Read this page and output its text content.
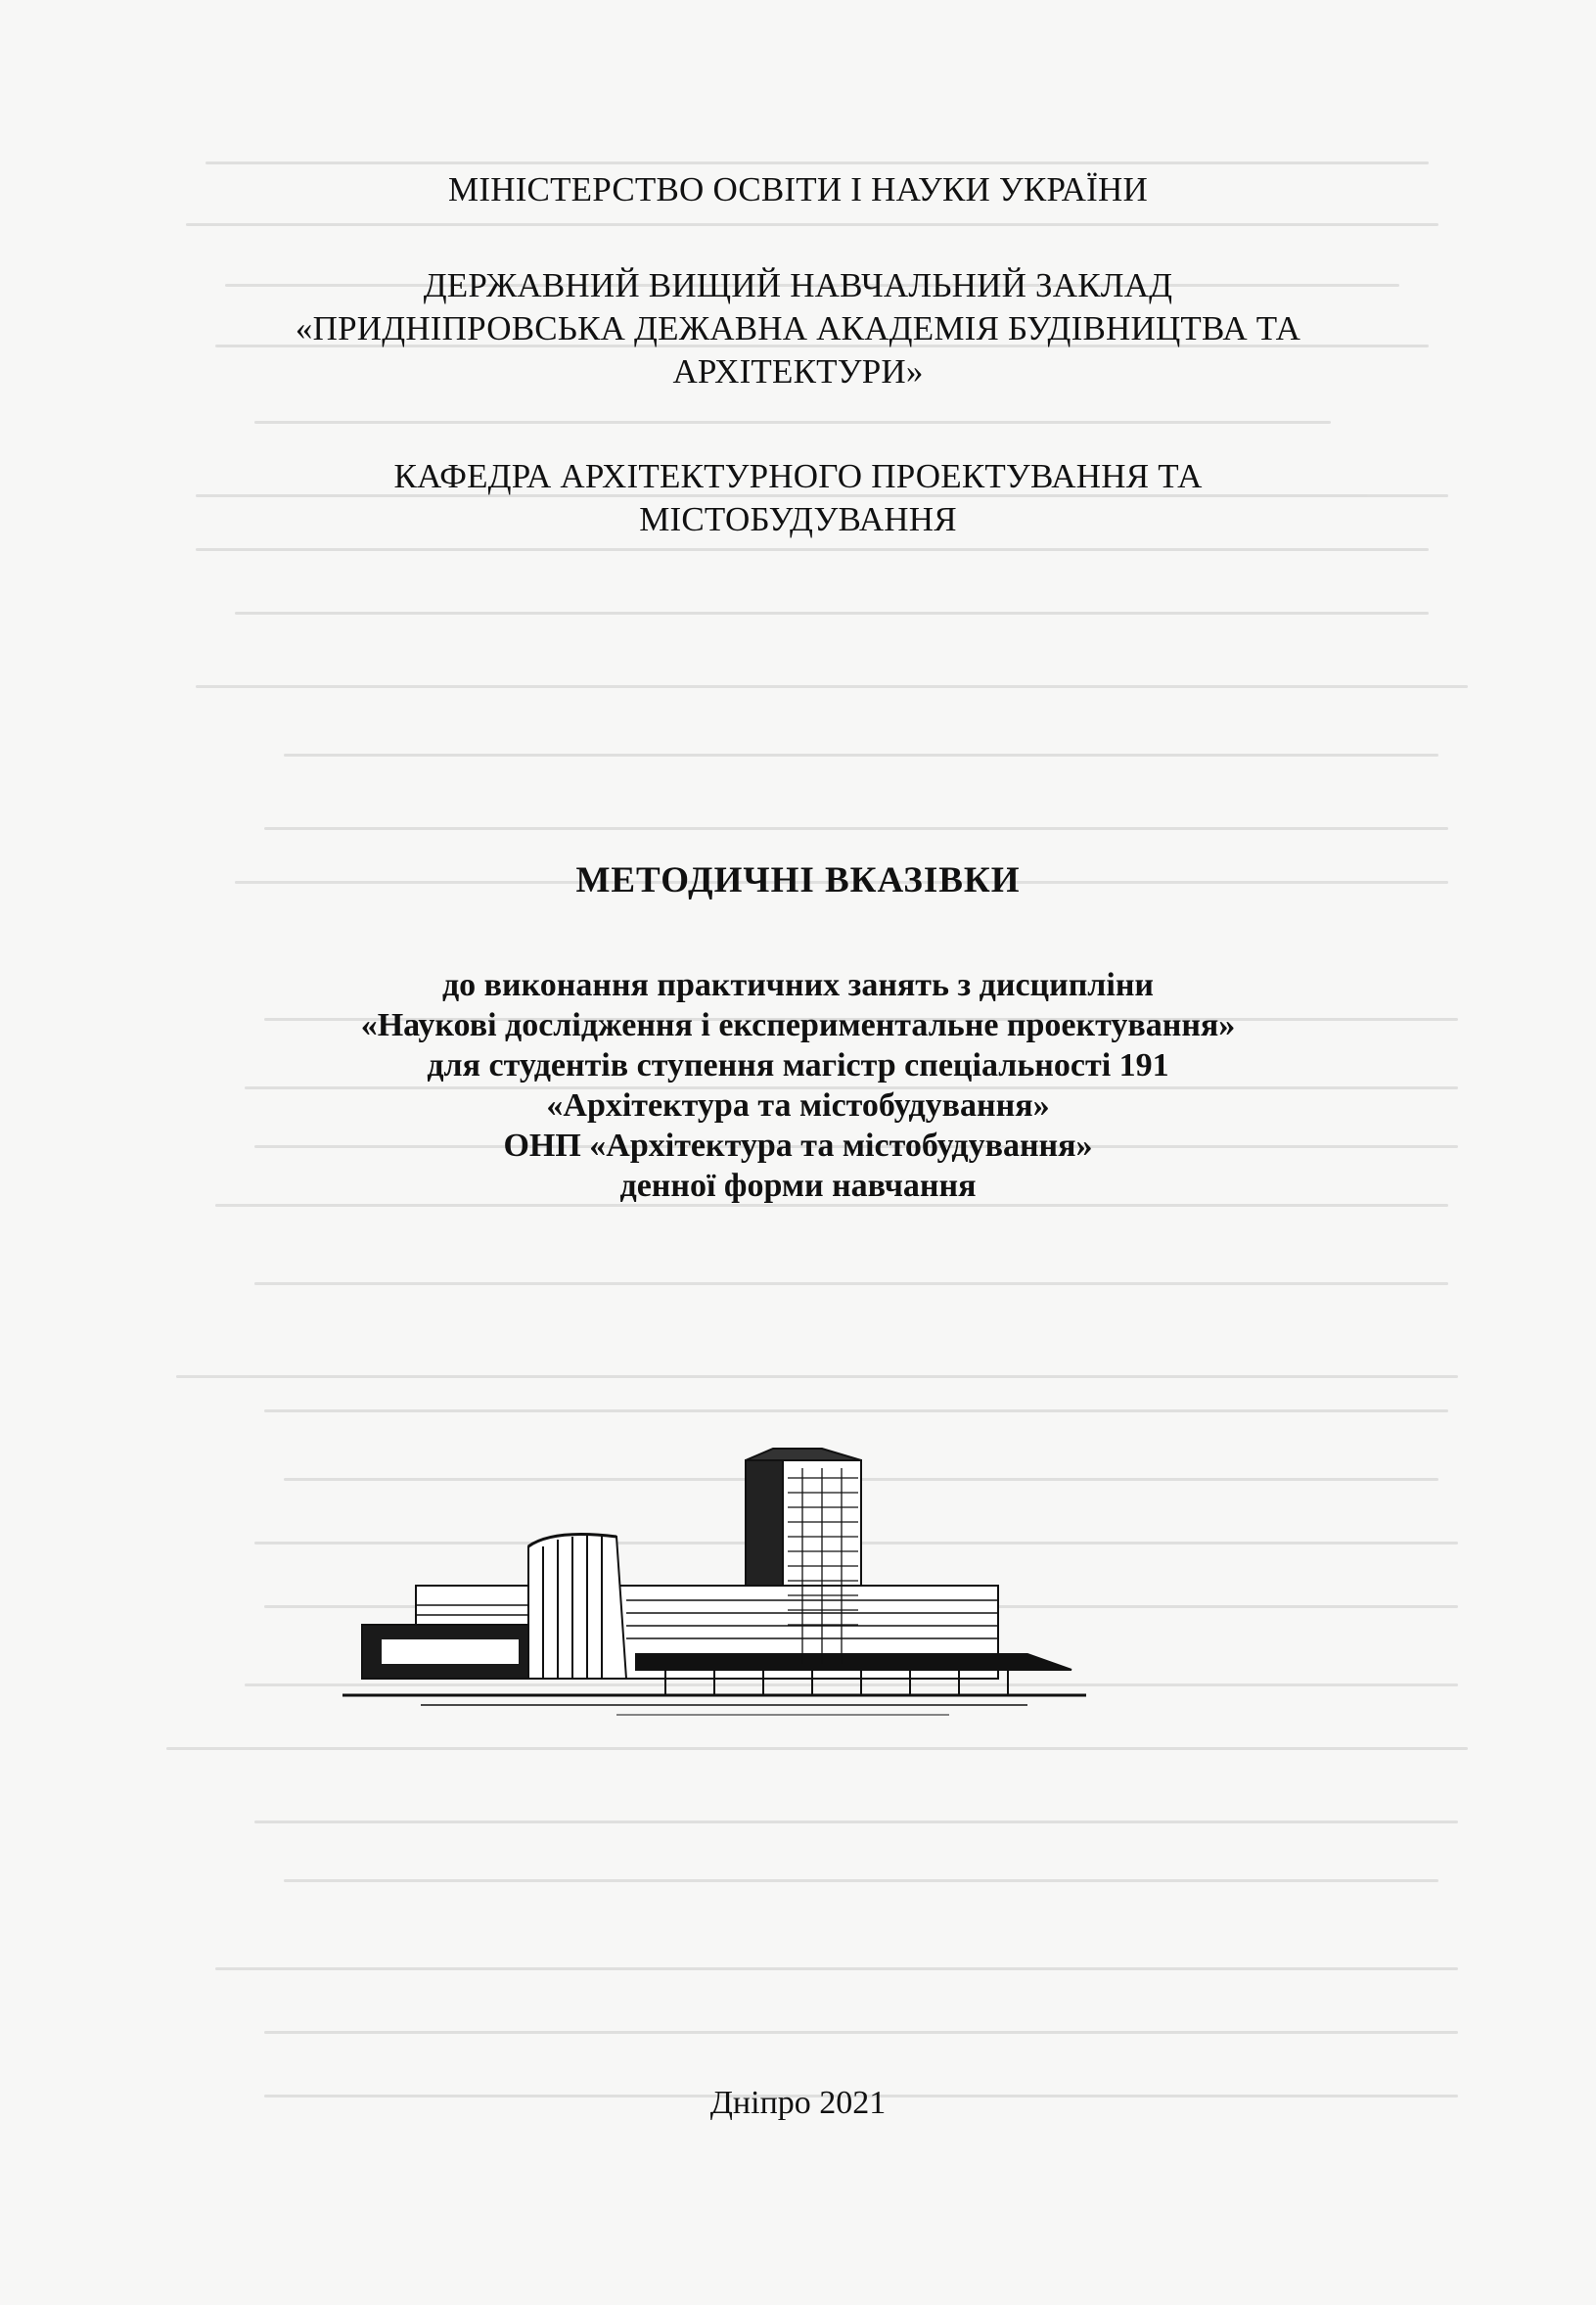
МІНІСТЕРСТВО ОСВІТИ І НАУКИ УКРАЇНИ
ДЕРЖАВНИЙ ВИЩИЙ НАВЧАЛЬНИЙ ЗАКЛАД
«ПРИДНІПРОВСЬКА ДЕЖАВНА АКАДЕМІЯ БУДІВНИЦТВА ТА
АРХІТЕКТУРИ»
КАФЕДРА АРХІТЕКТУРНОГО ПРОЕКТУВАННЯ ТА
МІСТОБУДУВАННЯ
МЕТОДИЧНІ ВКАЗІВКИ
до виконання практичних занять з дисципліни
«Наукові дослідження і експериментальне проектування»
для студентів ступення магістр спеціальності 191
«Архітектура та містобудування»
ОНП «Архітектура та містобудування»
денної форми навчання
Дніпро 2021
